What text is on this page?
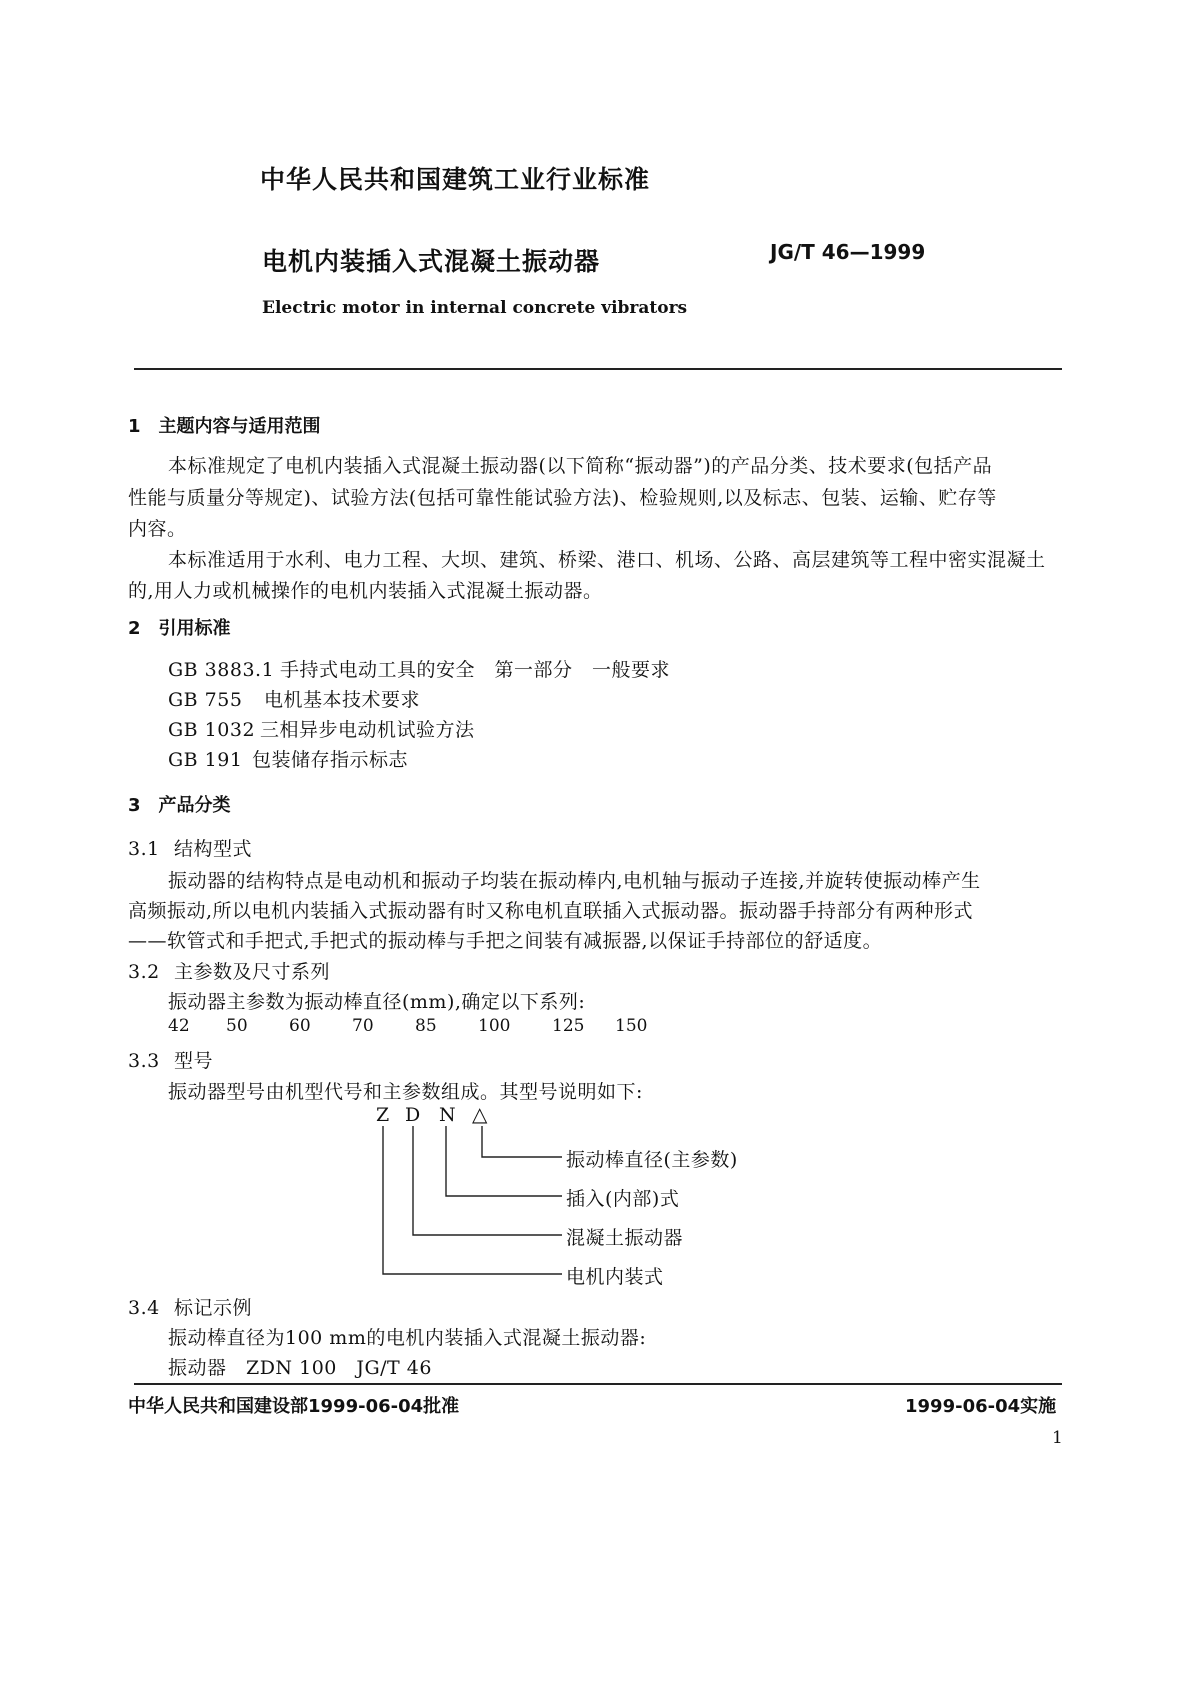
中华人民共和国建筑工业行业标准
电机内装插入式混凝土振动器	JG/T 46—1999
Electric motor in internal concrete vibrators
1 主题内容与适用范围
本标准规定了电机内装插入式混凝土振动器(以下简称“振动器”)的产品分类、技术要求(包括产品
性能与质量分等规定)、试验方法(包括可靠性能试验方法)、检验规则,以及标志、包装、运输、贮存等
内容。
本标准适用于水利、电力工程、大坝、建筑、桥梁、港口、机场、公路、高层建筑等工程中密实混凝土
的,用人力或机械操作的电机内装插入式混凝土振动器。
2 引用标准
GB 3883.1 手持式电动工具的安全　第一部分　一般要求
GB 755 电机基本技术要求
GB 1032 三相异步电动机试验方法
GB 191 包装储存指示标志
3 产品分类
3.1 结构型式
振动器的结构特点是电动机和振动子均装在振动棒内,电机轴与振动子连接,并旋转使振动棒产生
高频振动,所以电机内装插入式振动器有时又称电机直联插入式振动器。振动器手持部分有两种形式
——软管式和手把式,手把式的振动棒与手把之间装有减振器,以保证手持部位的舒适度。
3.2 主参数及尺寸系列
振动器主参数为振动棒直径(mm),确定以下系列:
42 50 60 70 85 100 125 150
3.3 型号
振动器型号由机型代号和主参数组成。其型号说明如下:
Z D N △
振动棒直径(主参数)
插入(内部)式
混凝土振动器
电机内装式
3.4 标记示例
振动棒直径为100 mm的电机内装插入式混凝土振动器:
振动器　ZDN 100　JG/T 46
中华人民共和国建设部1999-06-04批准	1999-06-04实施
1
